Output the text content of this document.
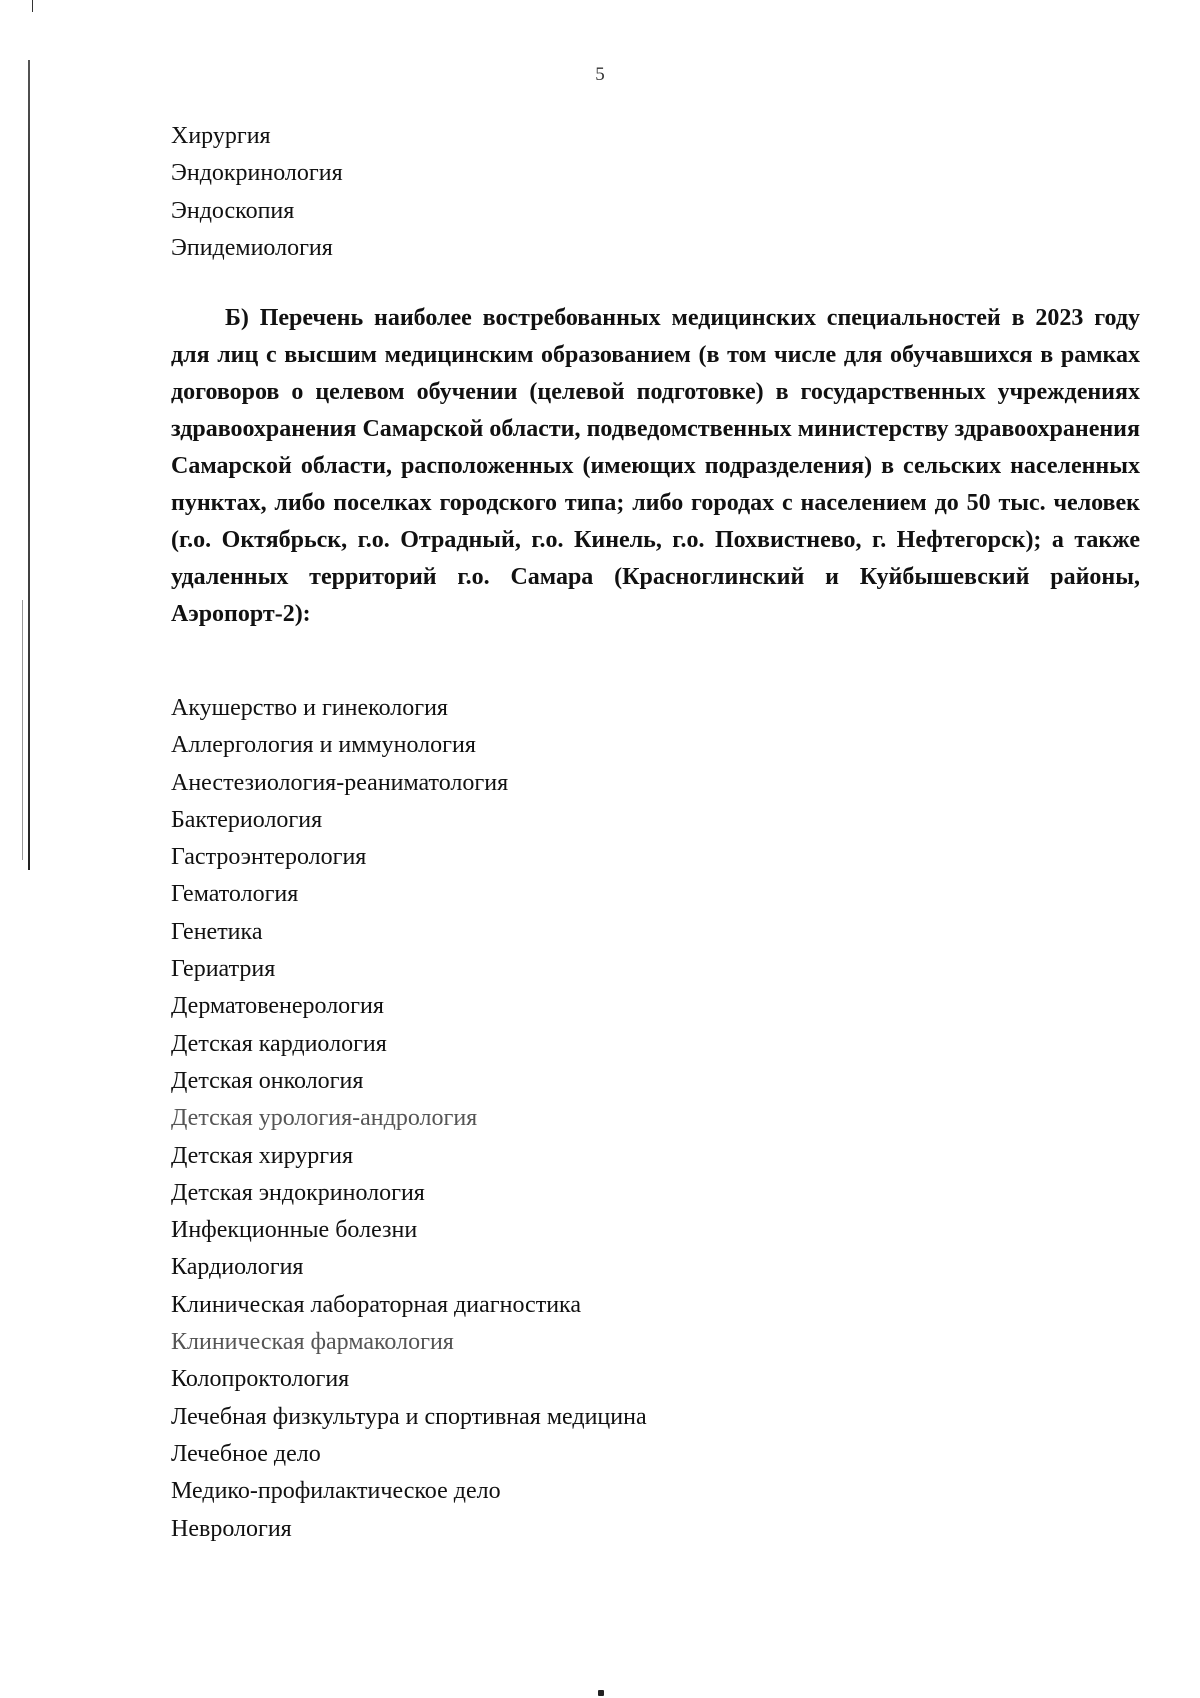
5
Хирургия
Эндокринология
Эндоскопия
Эпидемиология

Б) Перечень наиболее востребованных медицинских специальностей в 2023 году для лиц с высшим медицинским образованием (в том числе для обучавшихся в рамках договоров о целевом обучении (целевой подготовке) в государственных учреждениях здравоохранения Самарской области, подведомственных министерству здравоохранения Самарской области, расположенных (имеющих подразделения) в сельских населенных пунктах, либо поселках городского типа; либо городах с населением до 50 тыс. человек (г.о. Октябрьск, г.о. Отрадный, г.о. Кинель, г.о. Похвистнево, г. Нефтегорск); а также удаленных территорий г.о. Самара (Красноглинский и Куйбышевский районы, Аэропорт-2):

Акушерство и гинекология
Аллергология и иммунология
Анестезиология-реаниматология
Бактериология
Гастроэнтерология
Гематология
Генетика
Гериатрия
Дерматовенерология
Детская кардиология
Детская онкология
Детская урология-андрология
Детская хирургия
Детская эндокринология
Инфекционные болезни
Кардиология
Клиническая лабораторная диагностика
Клиническая фармакология
Колопроктология
Лечебная физкультура и спортивная медицина
Лечебное дело
Медико-профилактическое дело
Неврология
